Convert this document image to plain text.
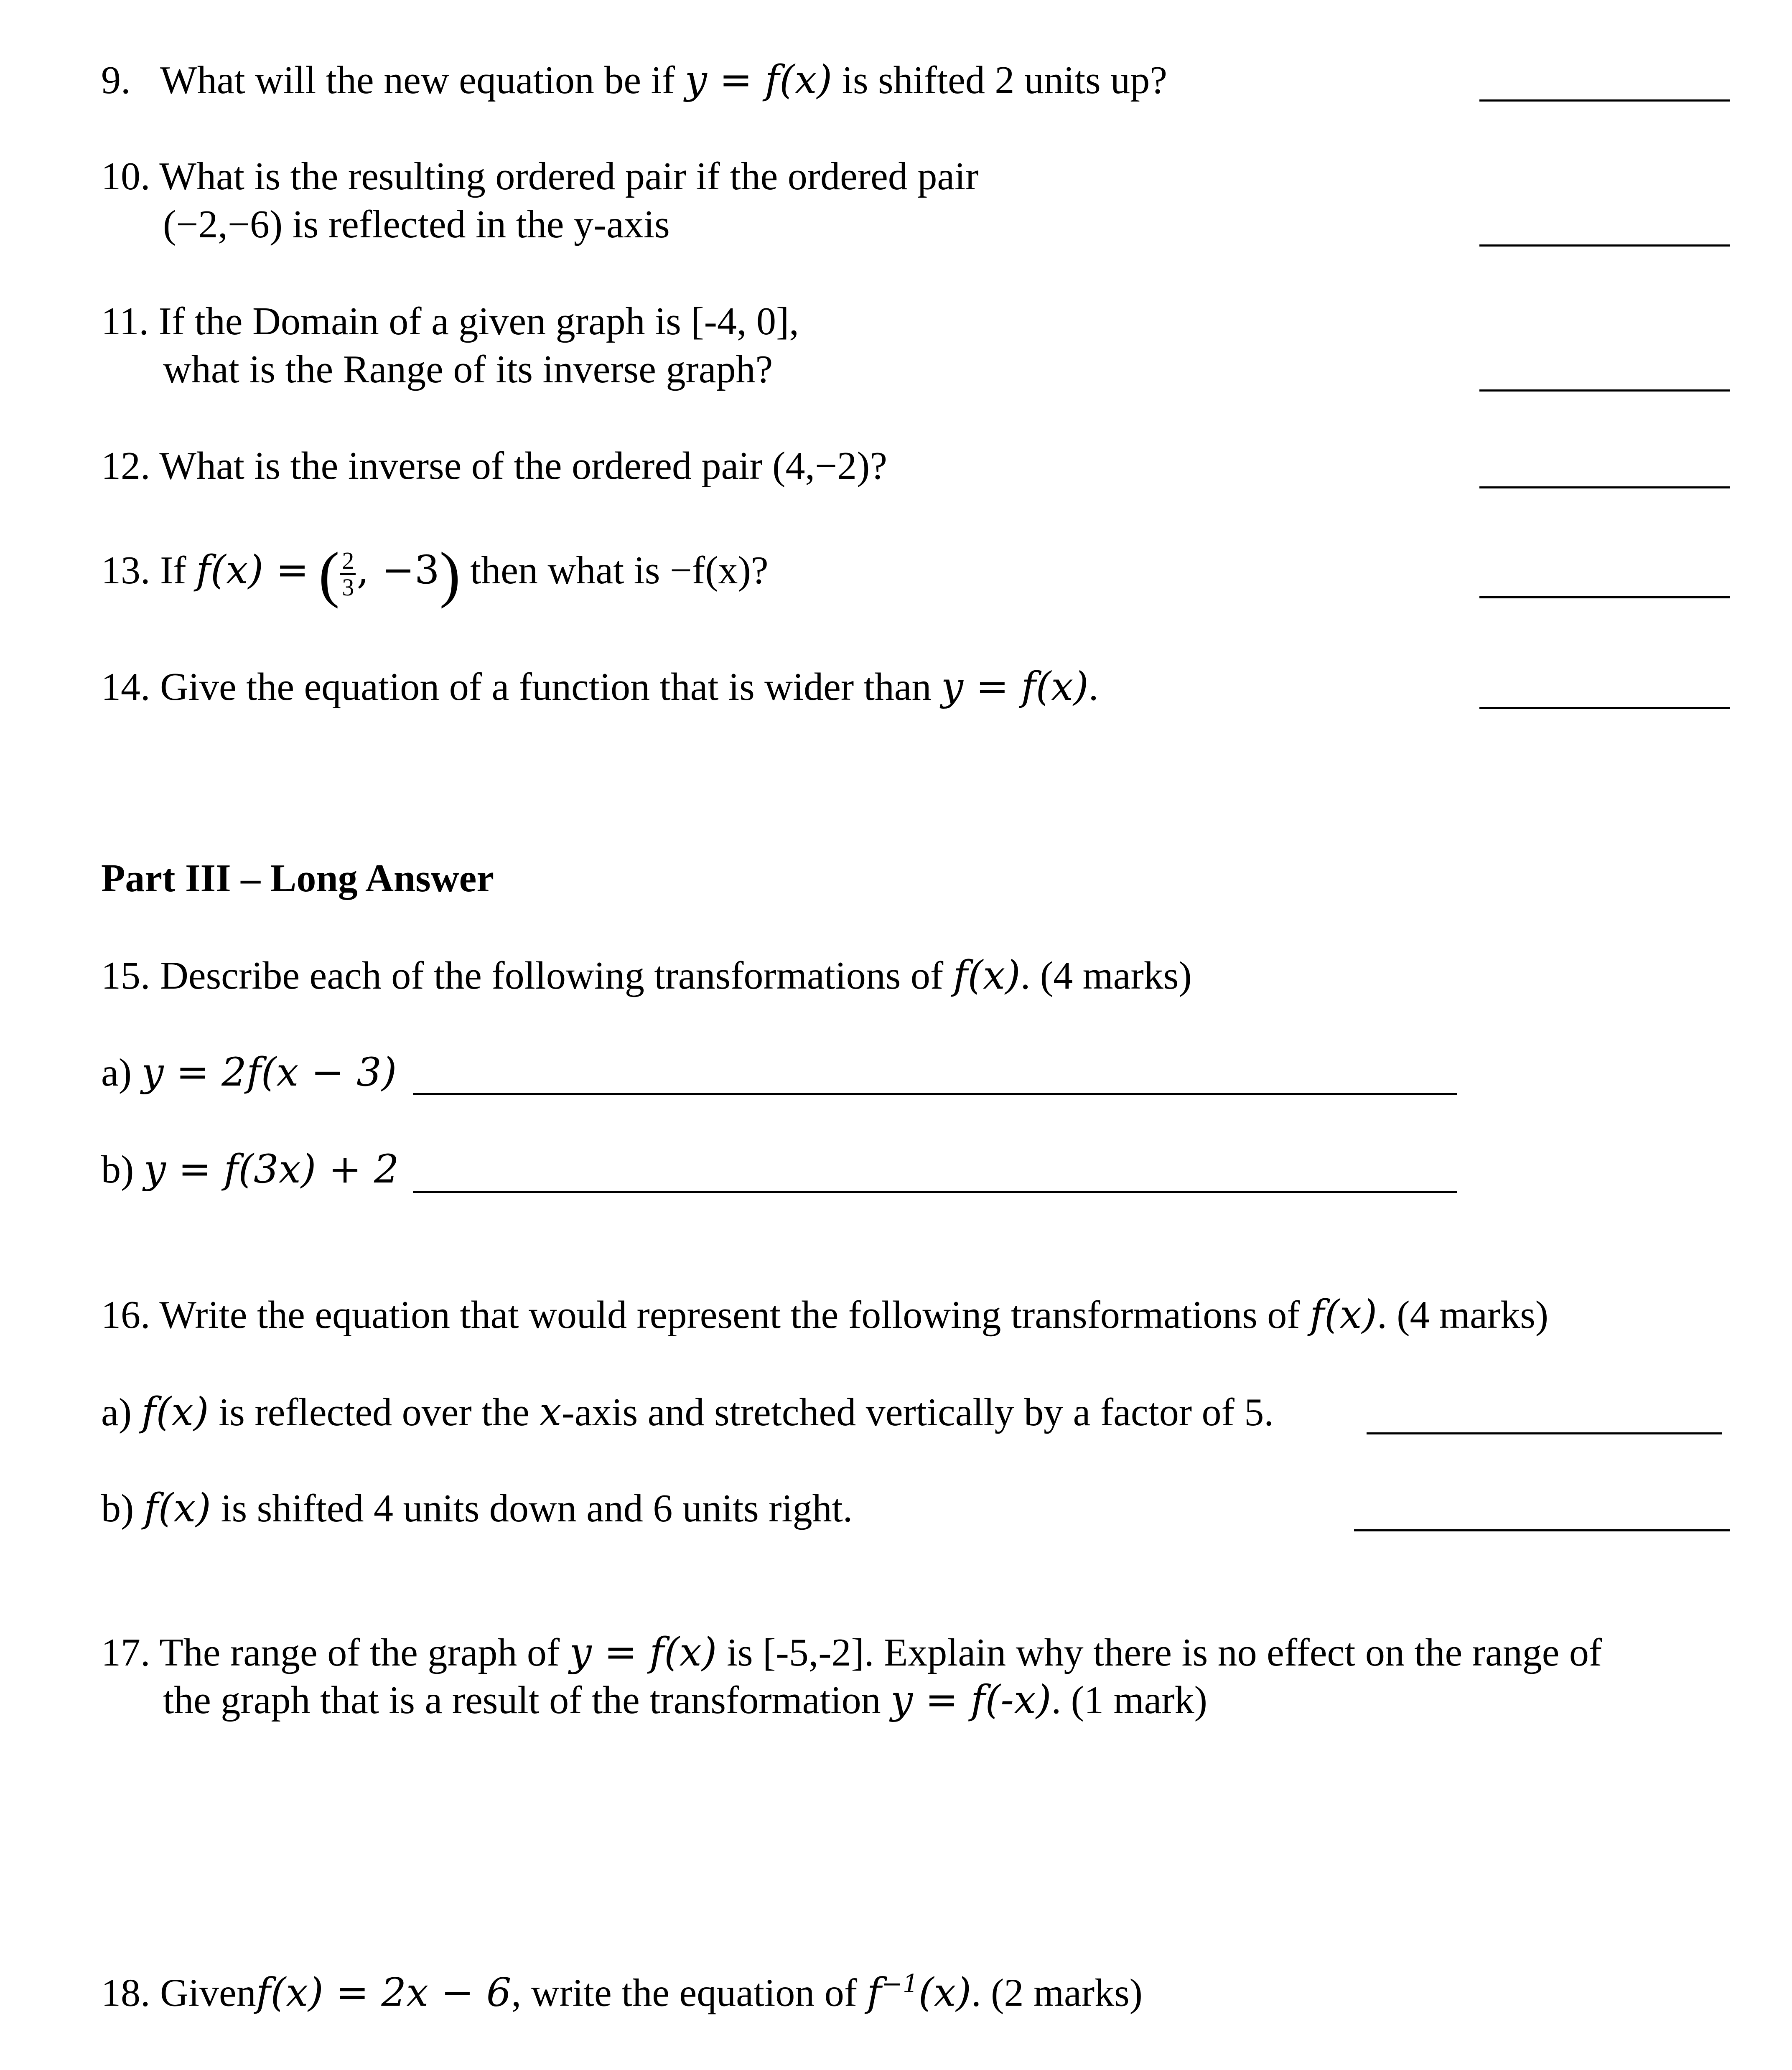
9. What will the new equation be if y = f(x) is shifted 2 units up?
10. What is the resulting ordered pair if the ordered pair
(−2,−6) is reflected in the y-axis
11. If the Domain of a given graph is [-4, 0],
what is the Range of its inverse graph?
12. What is the inverse of the ordered pair (4,−2)?
13. If f(x) = ( $\frac{2}{3}$ , −3) then what is −f(x)?
14. Give the equation of a function that is wider than y = f(x).
Part III – Long Answer
15. Describe each of the following transformations of f(x). (4 marks)
a) y = 2f(x − 3)
b) y = f(3x) + 2
16. Write the equation that would represent the following transformations of f(x). (4 marks)
a) f(x) is reflected over the x-axis and stretched vertically by a factor of 5.
b) f(x) is shifted 4 units down and 6 units right.
17. The range of the graph of y = f(x) is [-5,-2]. Explain why there is no effect on the range of
the graph that is a result of the transformation y = f(-x). (1 mark)
18. Givenf(x) = 2x − 6, write the equation of $f^{-1}(x)$. (2 marks)
